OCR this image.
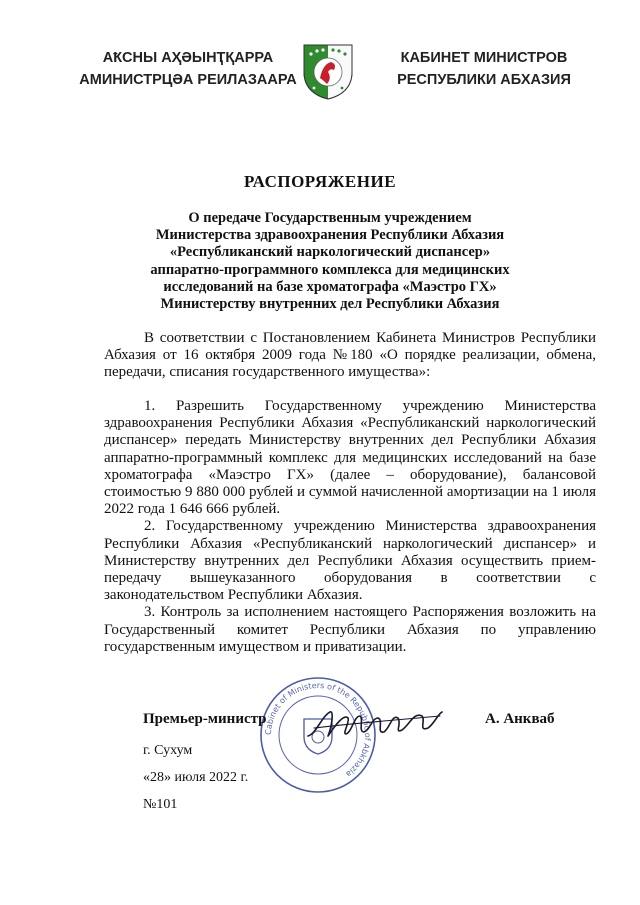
АҞСНЫ АҲӘЫНҬҚАРРА
АМИНИСТРЦӘА РЕИЛАЗААРА
КАБИНЕТ МИНИСТРОВ
РЕСПУБЛИКИ АБХАЗИЯ
РАСПОРЯЖЕНИЕ
О передаче Государственным учреждением
Министерства здравоохранения Республики Абхазия
«Республиканский наркологический диспансер»
аппаратно-программного комплекса для медицинских
исследований на базе хроматографа «Маэстро ГХ»
Министерству внутренних дел Республики Абхазия

В соответствии с Постановлением Кабинета Министров Республики Абхазия от 16 октября 2009 года №180 «О порядке реализации, обмена, передачи, списания государственного имущества»:

1. Разрешить Государственному учреждению Министерства здравоохранения Республики Абхазия «Республиканский наркологический диспансер» передать Министерству внутренних дел Республики Абхазия аппаратно-программный комплекс для медицинских исследований на базе хроматографа «Маэстро ГХ» (далее – оборудование), балансовой стоимостью 9 880 000 рублей и суммой начисленной амортизации на 1 июля 2022 года 1 646 666 рублей.

2. Государственному учреждению Министерства здравоохранения Республики Абхазия «Республиканский наркологический диспансер» и Министерству внутренних дел Республики Абхазия осуществить прием-передачу вышеуказанного оборудования в соответствии с законодательством Республики Абхазия.

3. Контроль за исполнением настоящего Распоряжения возложить на Государственный комитет Республики Абхазия по управлению государственным имуществом и приватизации.

Cabinet of Ministers of the Republic of Abkhazia
Премьер-министр	А. Анкваб
г. Сухум
«28» июля 2022 г.
№101
